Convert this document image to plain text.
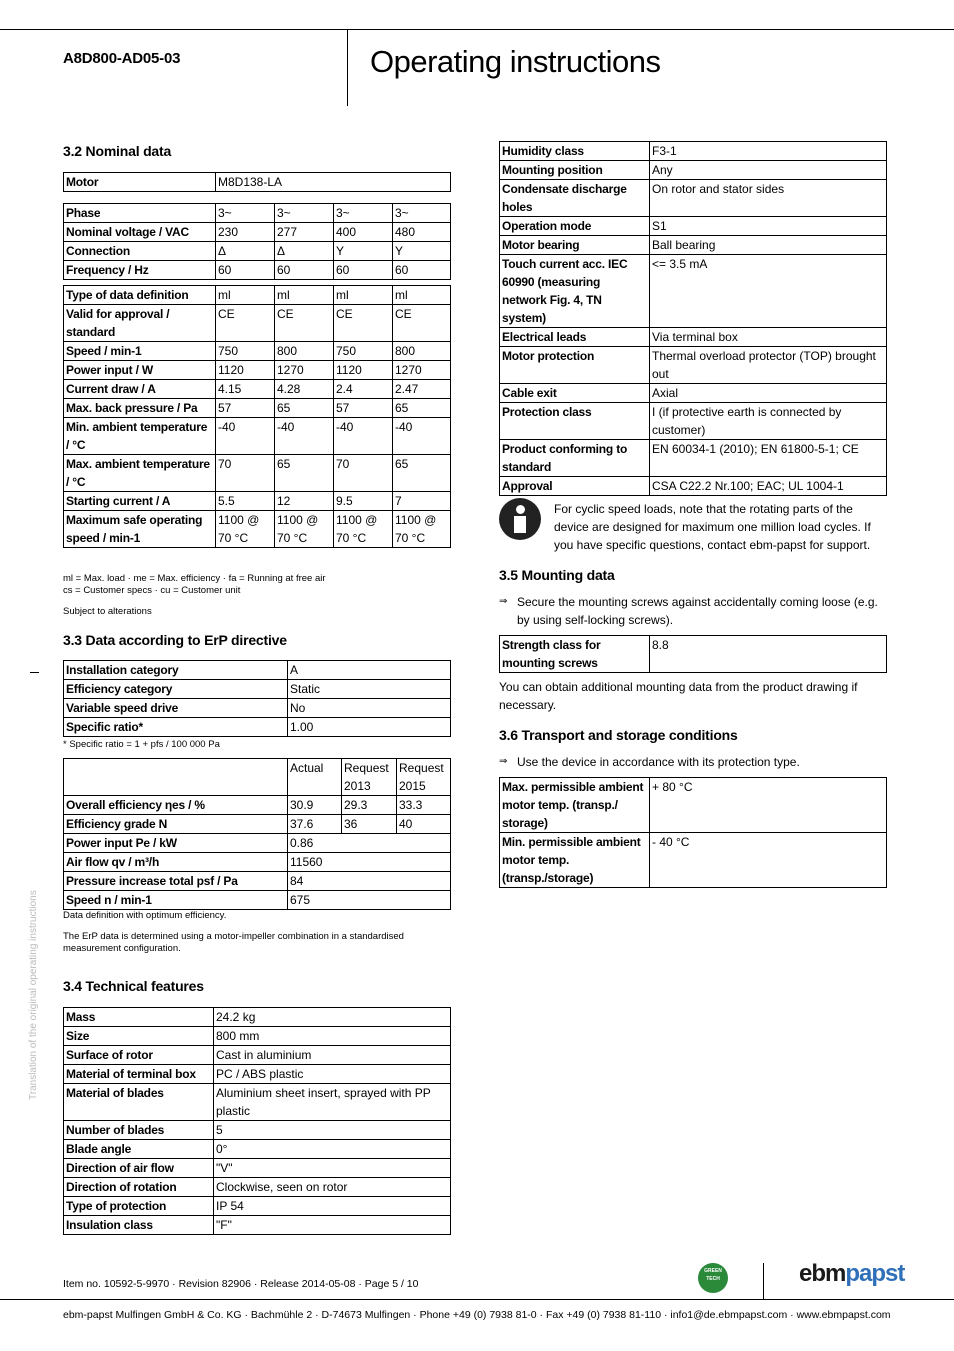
A8D800-AD05-03	Operating instructions
Translation of the original operating instructions
3.2 Nominal data
Motor	M8D138-LA
Phase	3~	3~	3~	3~
Nominal voltage / VAC	230	277	400	480
Connection	Δ	Δ	Y	Y
Frequency / Hz	60	60	60	60
Type of data definition	ml	ml	ml	ml
Valid for approval / standard	CE	CE	CE	CE
Speed / min-1	750	800	750	800
Power input / W	1120	1270	1120	1270
Current draw / A	4.15	4.28	2.4	2.47
Max. back pressure / Pa	57	65	57	65
Min. ambient temperature / °C	-40	-40	-40	-40
Max. ambient temperature / °C	70	65	70	65
Starting current / A	5.5	12	9.5	7
Maximum safe operating speed / min-1	1100 @ 70 °C	1100 @ 70 °C	1100 @ 70 °C	1100 @ 70 °C
ml = Max. load · me = Max. efficiency · fa = Running at free air
cs = Customer specs · cu = Customer unit
Subject to alterations
3.3 Data according to ErP directive
Installation category	A
Efficiency category	Static
Variable speed drive	No
Specific ratio*	1.00
* Specific ratio = 1 + pfs / 100 000 Pa
	Actual	Request 2013	Request 2015
Overall efficiency ηes / %	30.9	29.3	33.3
Efficiency grade N	37.6	36	40
Power input Pe / kW	0.86		
Air flow qv / m³/h	11560		
Pressure increase total psf / Pa	84		
Speed n / min-1	675		
Data definition with optimum efficiency.
The ErP data is determined using a motor-impeller combination in a standardised measurement configuration.
3.4 Technical features
Mass	24.2 kg
Size	800 mm
Surface of rotor	Cast in aluminium
Material of terminal box	PC / ABS plastic
Material of blades	Aluminium sheet insert, sprayed with PP plastic
Number of blades	5
Blade angle	0°
Direction of air flow	"V"
Direction of rotation	Clockwise, seen on rotor
Type of protection	IP 54
Insulation class	"F"
Humidity class	F3-1
Mounting position	Any
Condensate discharge holes	On rotor and stator sides
Operation mode	S1
Motor bearing	Ball bearing
Touch current acc. IEC 60990 (measuring network Fig. 4, TN system)	<= 3.5 mA
Electrical leads	Via terminal box
Motor protection	Thermal overload protector (TOP) brought out
Cable exit	Axial
Protection class	I (if protective earth is connected by customer)
Product conforming to standard	EN 60034-1 (2010); EN 61800-5-1; CE
Approval	CSA C22.2 Nr.100; EAC; UL 1004-1
For cyclic speed loads, note that the rotating parts of the device are designed for maximum one million load cycles. If you have specific questions, contact ebm-papst for support.
3.5 Mounting data
⇒ Secure the mounting screws against accidentally coming loose (e.g. by using self-locking screws).
Strength class for mounting screws	8.8
You can obtain additional mounting data from the product drawing if necessary.
3.6 Transport and storage conditions
⇒ Use the device in accordance with its protection type.
Max. permissible ambient motor temp. (transp./ storage)	+ 80 °C
Min. permissible ambient motor temp. (transp./storage)	- 40 °C
Item no. 10592-5-9970 · Revision 82906 · Release 2014-05-08 · Page 5 / 10
GREEN TECH	ebmpapst
ebm-papst Mulfingen GmbH & Co. KG · Bachmühle 2 · D-74673 Mulfingen · Phone +49 (0) 7938 81-0 · Fax +49 (0) 7938 81-110 · info1@de.ebmpapst.com · www.ebmpapst.com
